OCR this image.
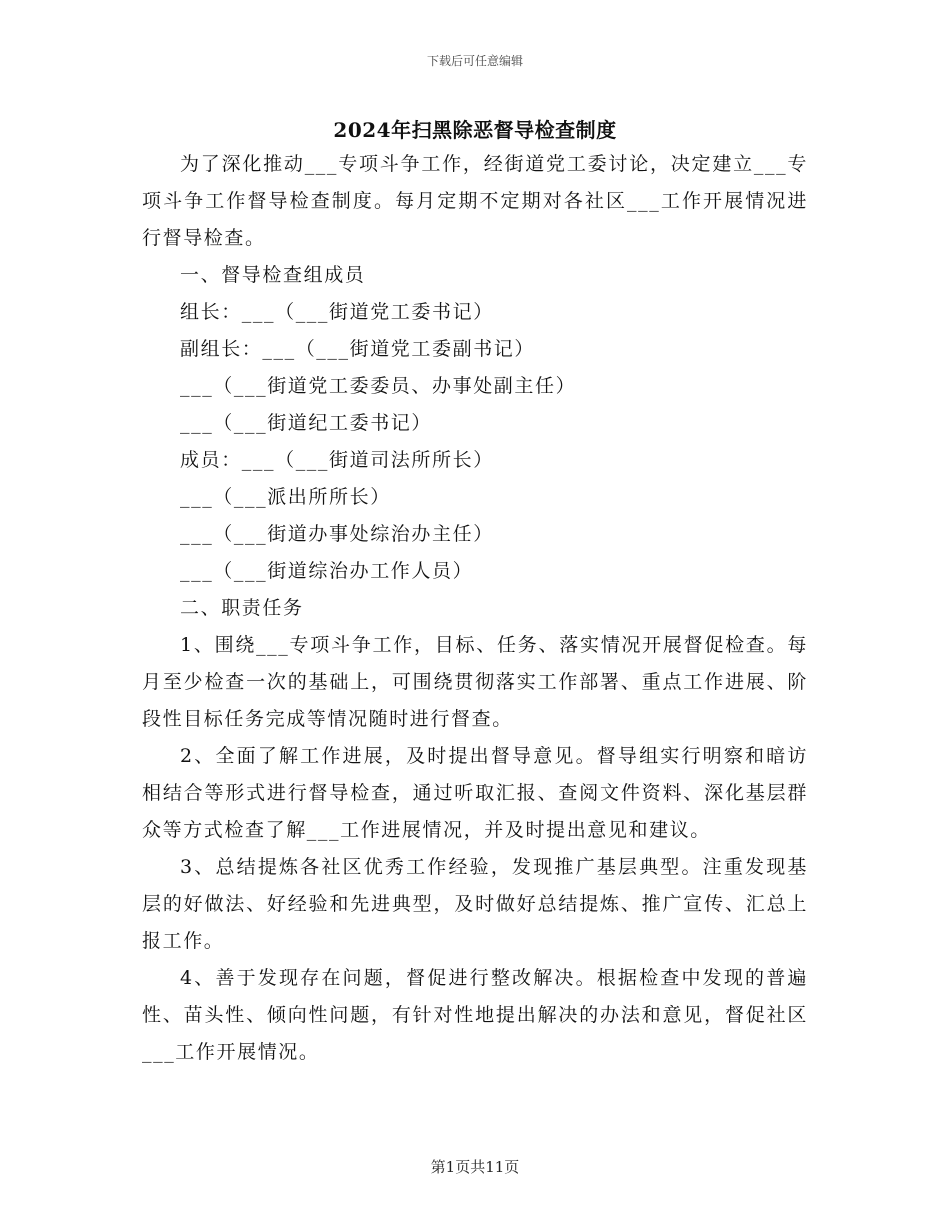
下载后可任意编辑
2024年扫黑除恶督导检查制度

为了深化推动___专项斗争工作，经街道党工委讨论，决定建立___专项斗争工作督导检查制度。每月定期不定期对各社区___工作开展情况进行督导检查。

一、督导检查组成员

组长：___（___街道党工委书记）

副组长：___（___街道党工委副书记）

___（___街道党工委委员、办事处副主任）

___（___街道纪工委书记）

成员：___（___街道司法所所长）

___（___派出所所长）

___（___街道办事处综治办主任）

___（___街道综治办工作人员）

二、职责任务

1、围绕___专项斗争工作，目标、任务、落实情况开展督促检查。每月至少检查一次的基础上，可围绕贯彻落实工作部署、重点工作进展、阶段性目标任务完成等情况随时进行督查。

2、全面了解工作进展，及时提出督导意见。督导组实行明察和暗访相结合等形式进行督导检查，通过听取汇报、查阅文件资料、深化基层群众等方式检查了解___工作进展情况，并及时提出意见和建议。

3、总结提炼各社区优秀工作经验，发现推广基层典型。注重发现基层的好做法、好经验和先进典型，及时做好总结提炼、推广宣传、汇总上报工作。

4、善于发现存在问题，督促进行整改解决。根据检查中发现的普遍性、苗头性、倾向性问题，有针对性地提出解决的办法和意见，督促社区___工作开展情况。

第1页共11页
